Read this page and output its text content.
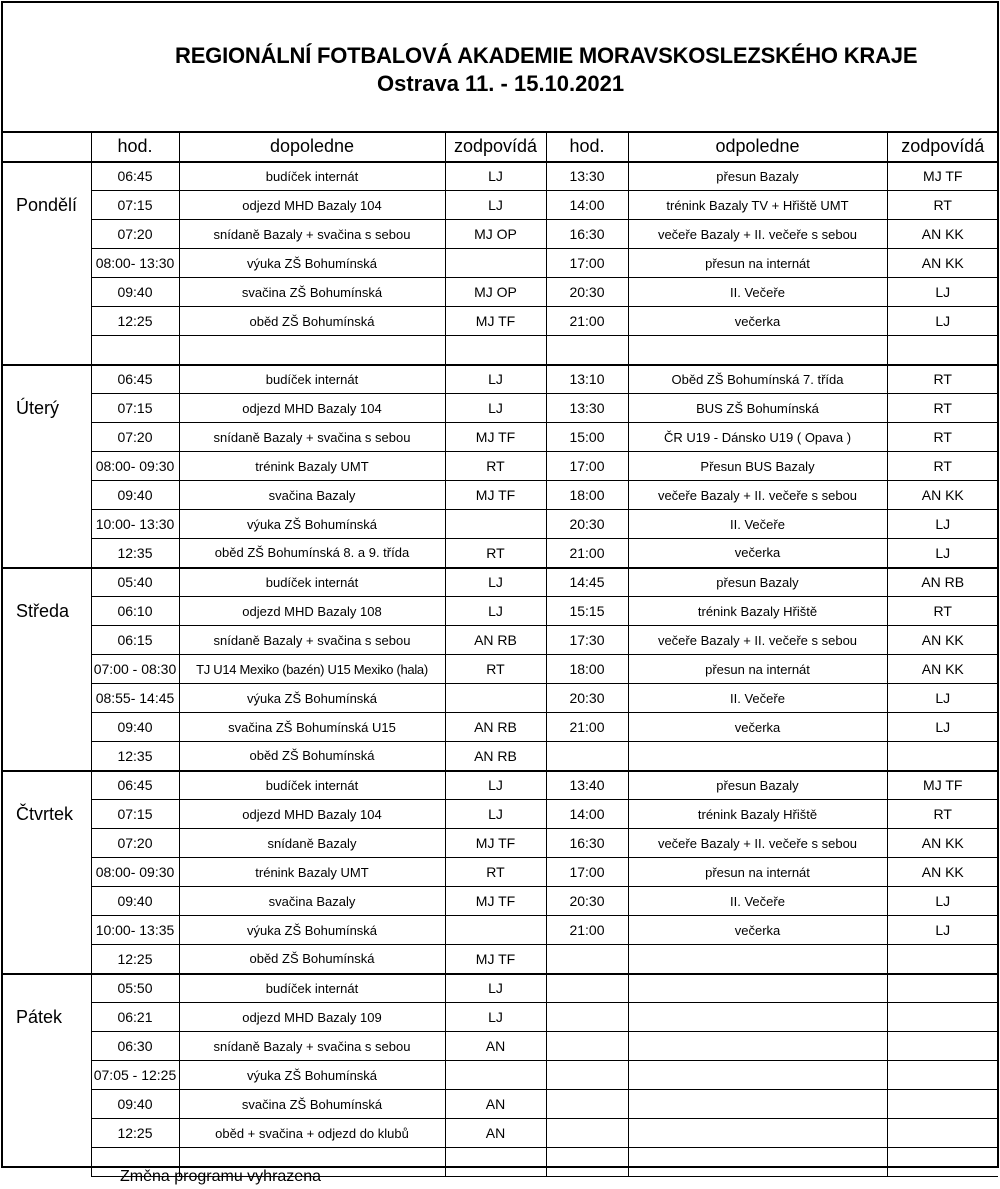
REGIONÁLNÍ FOTBALOVÁ AKADEMIE MORAVSKOSLEZSKÉHO KRAJE
Ostrava 11. - 15.10.2021
	hod.	dopoledne	zodpovídá	hod.	odpoledne	zodpovídá
	06:45	budíček internát	LJ	13:30	přesun Bazaly	MJ TF
Pondělí	07:15	odjezd MHD Bazaly 104	LJ	14:00	trénink Bazaly TV + Hřiště UMT	RT
	07:20	snídaně Bazaly + svačina s sebou	MJ OP	16:30	večeře Bazaly + II. večeře s sebou	AN KK
	08:00- 13:30	výuka ZŠ Bohumínská		17:00	přesun na internát	AN KK
	09:40	svačina ZŠ Bohumínská	MJ OP	20:30	II. Večeře	LJ
	12:25	oběd ZŠ Bohumínská	MJ TF	21:00	večerka	LJ

	06:45	budíček internát	LJ	13:10	Oběd ZŠ Bohumínská 7. třída	RT
Úterý	07:15	odjezd MHD Bazaly 104	LJ	13:30	BUS ZŠ Bohumínská	RT
	07:20	snídaně Bazaly + svačina s sebou	MJ TF	15:00	ČR U19 - Dánsko U19 ( Opava )	RT
	08:00- 09:30	trénink Bazaly UMT	RT	17:00	Přesun BUS Bazaly	RT
	09:40	svačina Bazaly	MJ TF	18:00	večeře Bazaly + II. večeře s sebou	AN KK
	10:00- 13:30	výuka ZŠ Bohumínská		20:30	II. Večeře	LJ
	12:35	oběd ZŠ Bohumínská 8. a 9. třída	RT	21:00	večerka	LJ
	05:40	budíček internát	LJ	14:45	přesun Bazaly	AN RB
Středa	06:10	odjezd MHD Bazaly 108	LJ	15:15	trénink Bazaly Hřiště	RT
	06:15	snídaně Bazaly + svačina s sebou	AN RB	17:30	večeře Bazaly + II. večeře s sebou	AN KK
	07:00 - 08:30	TJ U14 Mexiko (bazén) U15 Mexiko (hala)	RT	18:00	přesun na internát	AN KK
	08:55- 14:45	výuka ZŠ Bohumínská		20:30	II. Večeře	LJ
	09:40	svačina ZŠ Bohumínská U15	AN RB	21:00	večerka	LJ
	12:35	oběd ZŠ Bohumínská	AN RB			
	06:45	budíček internát	LJ	13:40	přesun Bazaly	MJ TF
Čtvrtek	07:15	odjezd MHD Bazaly 104	LJ	14:00	trénink Bazaly Hřiště	RT
	07:20	snídaně Bazaly	MJ TF	16:30	večeře Bazaly + II. večeře s sebou	AN KK
	08:00- 09:30	trénink Bazaly UMT	RT	17:00	přesun na internát	AN KK
	09:40	svačina Bazaly	MJ TF	20:30	II. Večeře	LJ
	10:00- 13:35	výuka ZŠ Bohumínská		21:00	večerka	LJ
	12:25	oběd ZŠ Bohumínská	MJ TF			
	05:50	budíček internát	LJ			
Pátek	06:21	odjezd MHD Bazaly 109	LJ			
	06:30	snídaně Bazaly + svačina s sebou	AN			
	07:05 - 12:25	výuka ZŠ Bohumínská				
	09:40	svačina ZŠ Bohumínská	AN			
	12:25	oběd + svačina + odjezd do klubů	AN			

Změna programu vyhrazena
